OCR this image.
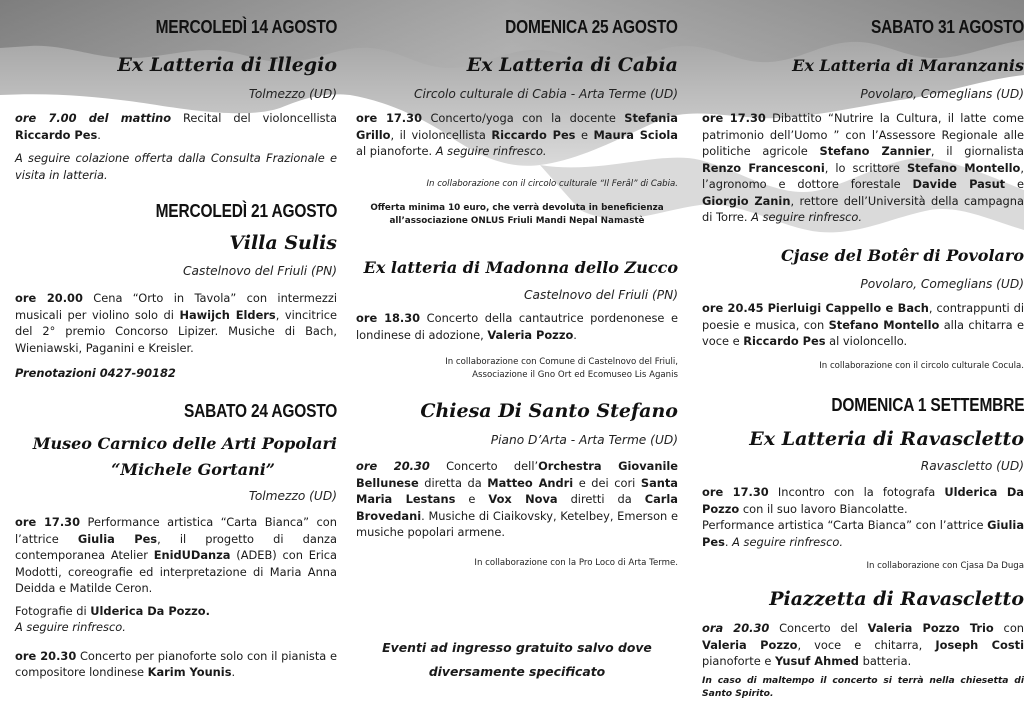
MERCOLEDÌ 14 AGOSTO
Ex Latteria di Illegio
Tolmezzo (UD)

ore 7.00 del mattino Recital del violoncellista Riccardo Pes.

A seguire colazione offerta dalla Consulta Frazionale e visita in latteria.

MERCOLEDÌ 21 AGOSTO
Villa Sulis
Castelnovo del Friuli (PN)

ore 20.00 Cena “Orto in Tavola” con intermezzi musicali per violino solo di Hawijch Elders, vincitrice del 2° premio Concorso Lipizer. Musiche di Bach, Wieniawski, Paganini e Kreisler.

Prenotazioni 0427-90182

SABATO 24 AGOSTO
Museo Carnico delle Arti Popolari
“Michele Gortani”
Tolmezzo (UD)

ore 17.30 Performance artistica “Carta Bianca” con l’attrice Giulia Pes, il progetto di danza contemporanea Atelier EnidUDanza (ADEB) con Erica Modotti, coreografie ed interpretazione di Maria Anna Deidda e Matilde Ceron.

Fotografie di Ulderica Da Pozzo.

A seguire rinfresco.

ore 20.30 Concerto per pianoforte solo con il pianista e compositore londinese Karim Younis.

DOMENICA 25 AGOSTO
Ex Latteria di Cabia
Circolo culturale di Cabia - Arta Terme (UD)

ore 17.30 Concerto/yoga con la docente Stefania Grillo, il violoncellista Riccardo Pes e Maura Sciola al pianoforte. A seguire rinfresco.

In collaborazione con il circolo culturale “Il Ferâl” di Cabia.
Offerta minima 10 euro, che verrà devoluta in beneficienza
all’associazione ONLUS Friuli Mandi Nepal Namastè
Ex latteria di Madonna dello Zucco
Castelnovo del Friuli (PN)

ore 18.30 Concerto della cantautrice pordenonese e londinese di adozione, Valeria Pozzo.

In collaborazione con Comune di Castelnovo del Friuli,
Associazione il Gno Ort ed Ecomuseo Lis Aganis
Chiesa Di Santo Stefano
Piano D’Arta - Arta Terme (UD)

ore 20.30 Concerto dell’Orchestra Giovanile Bellunese diretta da Matteo Andri e dei cori Santa Maria Lestans e Vox Nova diretti da Carla Brovedani. Musiche di Ciaikovsky, Ketelbey, Emerson e musiche popolari armene.

In collaborazione con la Pro Loco di Arta Terme.
Eventi ad ingresso gratuito salvo dove
diversamente specificato
SABATO 31 AGOSTO
Ex Latteria di Maranzanis
Povolaro, Comeglians (UD)

ore 17.30 Dibattito “Nutrire la Cultura, il latte come patrimonio dell’Uomo ” con l’Assessore Regionale alle politiche agricole Stefano Zannier, il giornalista Renzo Francesconi, lo scrittore Stefano Montello, l’agronomo e dottore forestale Davide Pasut e Giorgio Zanin, rettore dell’Università della campagna di Torre. A seguire rinfresco.

Cjase del Botêr di Povolaro
Povolaro, Comeglians (UD)

ore 20.45 Pierluigi Cappello e Bach, contrappunti di poesie e musica, con Stefano Montello alla chitarra e voce e Riccardo Pes al violoncello.

In collaborazione con il circolo culturale Cocula.
DOMENICA 1 SETTEMBRE
Ex Latteria di Ravascletto
Ravascletto (UD)

ore 17.30 Incontro con la fotografa Ulderica Da Pozzo con il suo lavoro Biancolatte.

Performance artistica “Carta Bianca” con l’attrice Giulia Pes. A seguire rinfresco.

In collaborazione con Cjasa Da Duga
Piazzetta di Ravascletto

ora 20.30 Concerto del Valeria Pozzo Trio con Valeria Pozzo, voce e chitarra, Joseph Costi pianoforte e Yusuf Ahmed batteria.

In caso di maltempo il concerto si terrà nella chiesetta di Santo Spirito.
